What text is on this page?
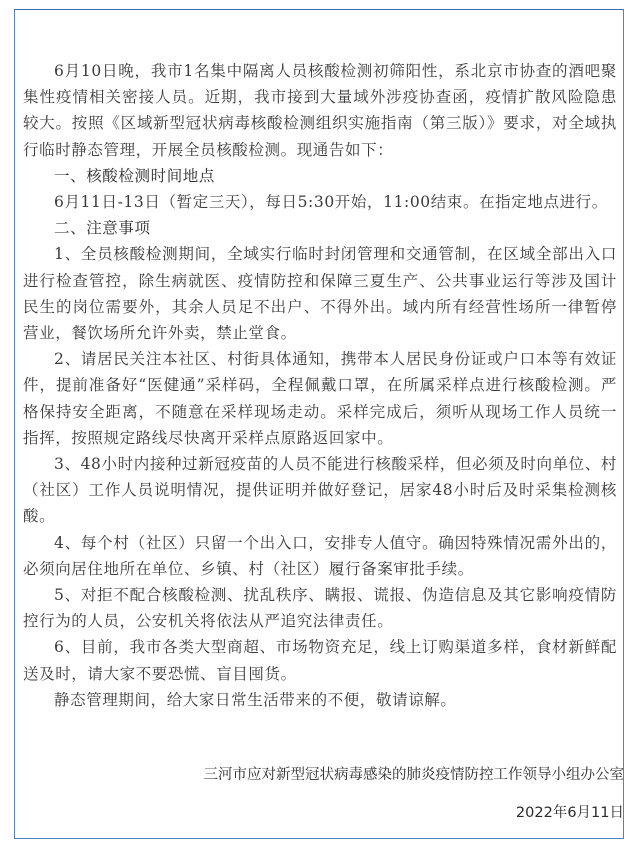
6月10日晚，我市1名集中隔离人员核酸检测初筛阳性，系北京市协查的酒吧聚集性疫情相关密接人员。近期，我市接到大量域外涉疫协查函，疫情扩散风险隐患较大。按照《区域新型冠状病毒核酸检测组织实施指南（第三版）》要求，对全域执行临时静态管理，开展全员核酸检测。现通告如下：

一、核酸检测时间地点

6月11日-13日（暂定三天），每日5:30开始，11:00结束。在指定地点进行。

二、注意事项

1、全员核酸检测期间，全域实行临时封闭管理和交通管制，在区域全部出入口进行检查管控，除生病就医、疫情防控和保障三夏生产、公共事业运行等涉及国计民生的岗位需要外，其余人员足不出户、不得外出。域内所有经营性场所一律暂停营业，餐饮场所允许外卖，禁止堂食。

2、请居民关注本社区、村街具体通知，携带本人居民身份证或户口本等有效证件，提前准备好“医健通”采样码，全程佩戴口罩，在所属采样点进行核酸检测。严格保持安全距离，不随意在采样现场走动。采样完成后，须听从现场工作人员统一指挥，按照规定路线尽快离开采样点原路返回家中。

3、48小时内接种过新冠疫苗的人员不能进行核酸采样，但必须及时向单位、村（社区）工作人员说明情况，提供证明并做好登记，居家48小时后及时采集检测核酸。

4、每个村（社区）只留一个出入口，安排专人值守。确因特殊情况需外出的，必须向居住地所在单位、乡镇、村（社区）履行备案审批手续。

5、对拒不配合核酸检测、扰乱秩序、瞒报、谎报、伪造信息及其它影响疫情防控行为的人员，公安机关将依法从严追究法律责任。

6、目前，我市各类大型商超、市场物资充足，线上订购渠道多样，食材新鲜配送及时，请大家不要恐慌、盲目囤货。

静态管理期间，给大家日常生活带来的不便，敬请谅解。

三河市应对新型冠状病毒感染的肺炎疫情防控工作领导小组办公室
2022年6月11日
